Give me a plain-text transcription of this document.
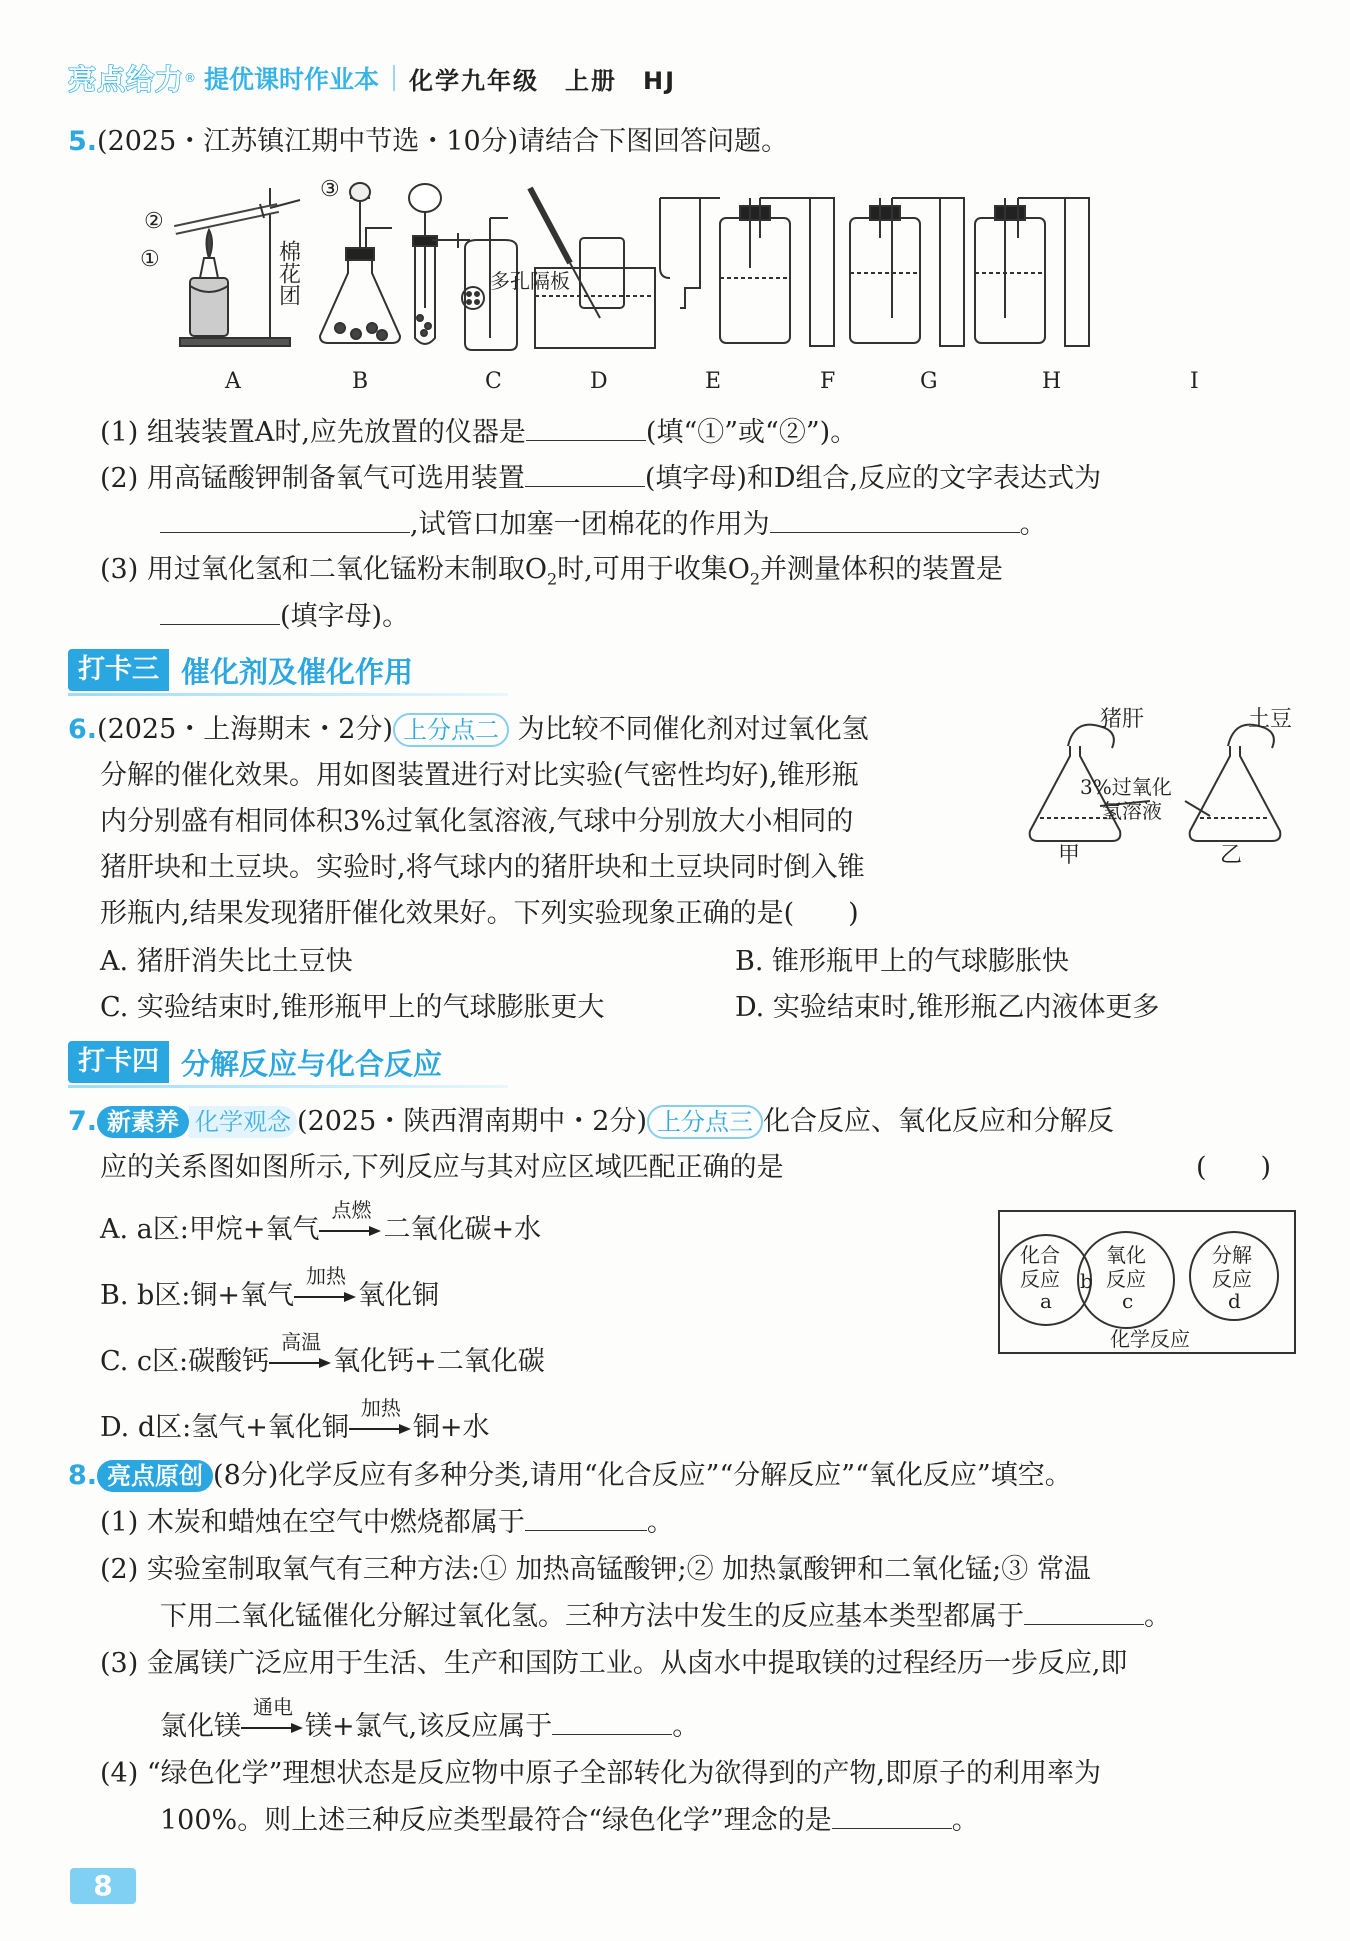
亮点给力 ® 提优课时作业本 化学九年级　上册　HJ
5.(2025・江苏镇江期中节选・10分)请结合下图回答问题。
②
①
③
棉花团	多孔隔板
A	B	C	D	E	F	G	H	I
(1) 组装装置A时,应先放置的仪器是	(填“①”或“②”)。
(2) 用高锰酸钾制备氧气可选用装置	(填字母)和D组合,反应的文字表达式为
,试管口加塞一团棉花的作用为	。
(3) 用过氧化氢和二氧化锰粉末制取$O_2$时,可用于收集$O_2$并测量体积的装置是
(填字母)。
打卡三 催化剂及催化作用
6.(2025・上海期末・2分) 上分点二 为比较不同催化剂对过氧化氢
分解的催化效果。用如图装置进行对比实验(气密性均好),锥形瓶
内分别盛有相同体积3%过氧化氢溶液,气球中分别放大小相同的
猪肝块和土豆块。实验时,将气球内的猪肝块和土豆块同时倒入锥
形瓶内,结果发现猪肝催化效果好。下列实验现象正确的是(　　)
猪肝	土豆
3%过氧化
氢溶液
甲	乙
A. 猪肝消失比土豆快	B. 锥形瓶甲上的气球膨胀快
C. 实验结束时,锥形瓶甲上的气球膨胀更大	D. 实验结束时,锥形瓶乙内液体更多
打卡四 分解反应与化合反应
7. 新素养 化学观念 (2025・陕西渭南期中・2分) 上分点三 化合反应、氧化反应和分解反
应的关系图如图所示,下列反应与其对应区域匹配正确的是	(　　)
A. a区:甲烷+氧气
点燃
二氧化碳+水
B. b区:铜+氧气
加热
氧化铜
C. c区:碳酸钙
高温
氧化钙+二氧化碳
D. d区:氢气+氧化铜
加热
铜+水
化合
反应
a
b
氧化
反应
c
分解
反应
d
化学反应
8. 亮点原创 (8分)化学反应有多种分类,请用“化合反应”“分解反应”“氧化反应”填空。
(1) 木炭和蜡烛在空气中燃烧都属于	。
(2) 实验室制取氧气有三种方法:① 加热高锰酸钾;② 加热氯酸钾和二氧化锰;③ 常温
下用二氧化锰催化分解过氧化氢。三种方法中发生的反应基本类型都属于	。
(3) 金属镁广泛应用于生活、生产和国防工业。从卤水中提取镁的过程经历一步反应,即
氯化镁
通电
镁+氯气,该反应属于	。
(4) “绿色化学”理想状态是反应物中原子全部转化为欲得到的产物,即原子的利用率为
100%。则上述三种反应类型最符合“绿色化学”理念的是	。
8
